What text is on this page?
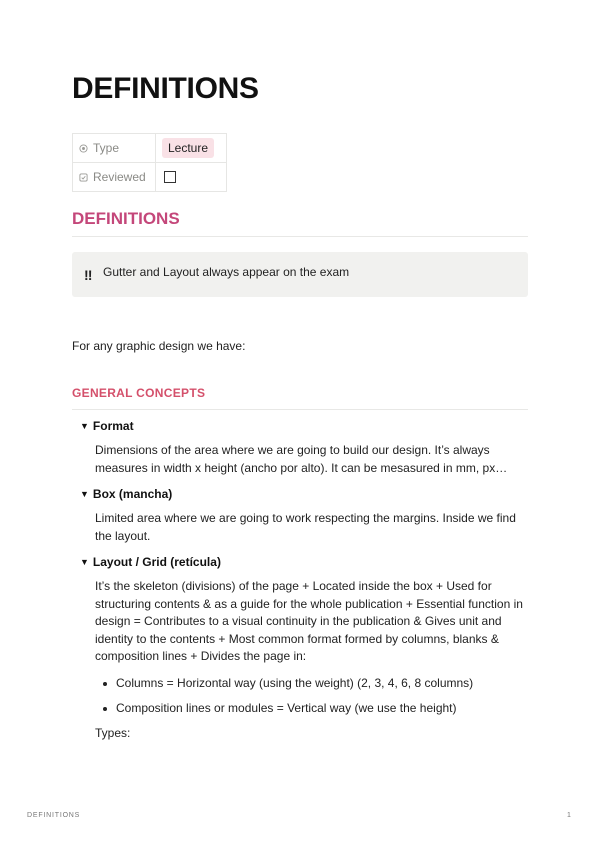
DEFINITIONS
Type	Lecture
Reviewed	
DEFINITIONS
‼ Gutter and Layout always appear on the exam

For any graphic design we have:

GENERAL CONCEPTS
▼ Format

Dimensions of the area where we are going to build our design. It’s always
measures in width x height (ancho por alto). It can be mesasured in mm, px…

▼ Box (mancha)

Limited area where we are going to work respecting the margins. Inside we find
the layout.

▼ Layout / Grid (retícula)

It’s the skeleton (divisions) of the page + Located inside the box + Used for
structuring contents & as a guide for the whole publication + Essential function in
design = Contributes to a visual continuity in the publication & Gives unit and
identity to the contents + Most common format formed by columns, blanks &
composition lines + Divides the page in:

Columns = Horizontal way (using the weight) (2, 3, 4, 6, 8 columns)
Composition lines or modules = Vertical way (we use the height)

Types:

DEFINITIONS	1
